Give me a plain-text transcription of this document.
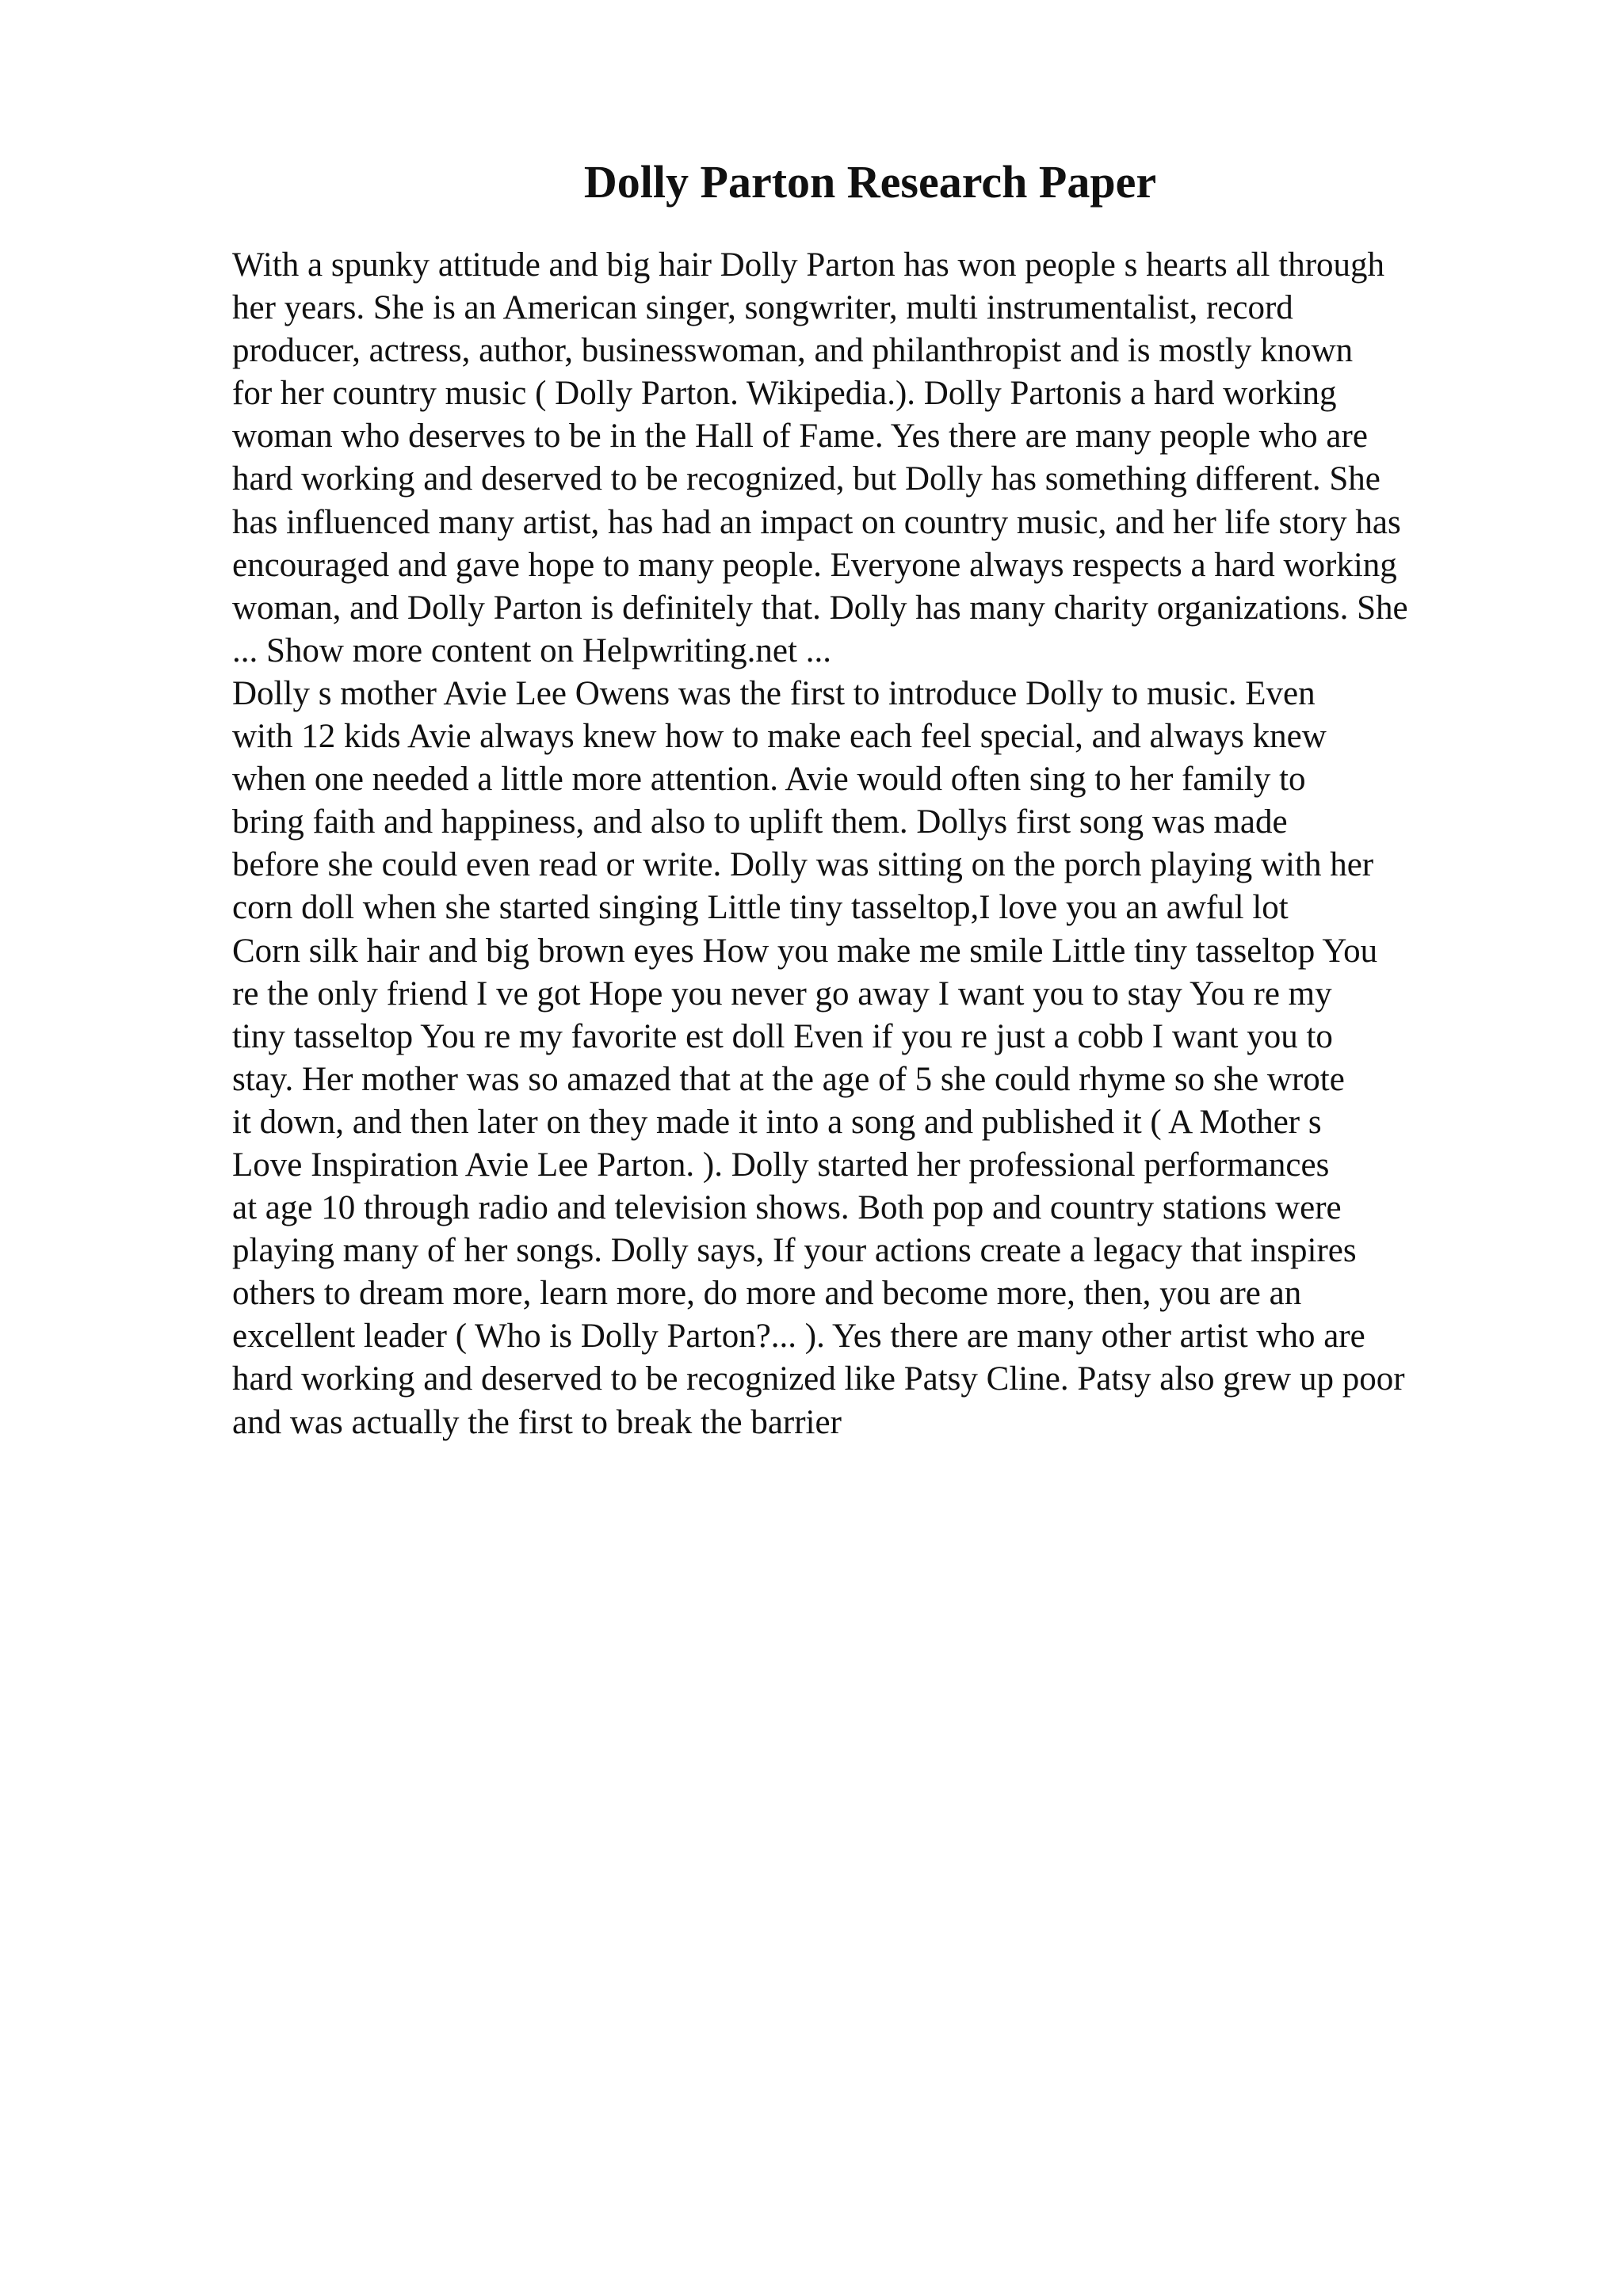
Dolly Parton Research Paper
With a spunky attitude and big hair Dolly Parton has won people s hearts all through
her years. She is an American singer, songwriter, multi instrumentalist, record
producer, actress, author, businesswoman, and philanthropist and is mostly known
for her country music ( Dolly Parton. Wikipedia.). Dolly Partonis a hard working
woman who deserves to be in the Hall of Fame. Yes there are many people who are
hard working and deserved to be recognized, but Dolly has something different. She
has influenced many artist, has had an impact on country music, and her life story has
encouraged and gave hope to many people. Everyone always respects a hard working
woman, and Dolly Parton is definitely that. Dolly has many charity organizations. She
... Show more content on Helpwriting.net ...
Dolly s mother Avie Lee Owens was the first to introduce Dolly to music. Even
with 12 kids Avie always knew how to make each feel special, and always knew
when one needed a little more attention. Avie would often sing to her family to
bring faith and happiness, and also to uplift them. Dollys first song was made
before she could even read or write. Dolly was sitting on the porch playing with her
corn doll when she started singing Little tiny tasseltop,I love you an awful lot
Corn silk hair and big brown eyes How you make me smile Little tiny tasseltop You
re the only friend I ve got Hope you never go away I want you to stay You re my
tiny tasseltop You re my favorite est doll Even if you re just a cobb I want you to
stay. Her mother was so amazed that at the age of 5 she could rhyme so she wrote
it down, and then later on they made it into a song and published it ( A Mother s
Love Inspiration Avie Lee Parton. ). Dolly started her professional performances
at age 10 through radio and television shows. Both pop and country stations were
playing many of her songs. Dolly says, If your actions create a legacy that inspires
others to dream more, learn more, do more and become more, then, you are an
excellent leader ( Who is Dolly Parton?... ). Yes there are many other artist who are
hard working and deserved to be recognized like Patsy Cline. Patsy also grew up poor
and was actually the first to break the barrier
